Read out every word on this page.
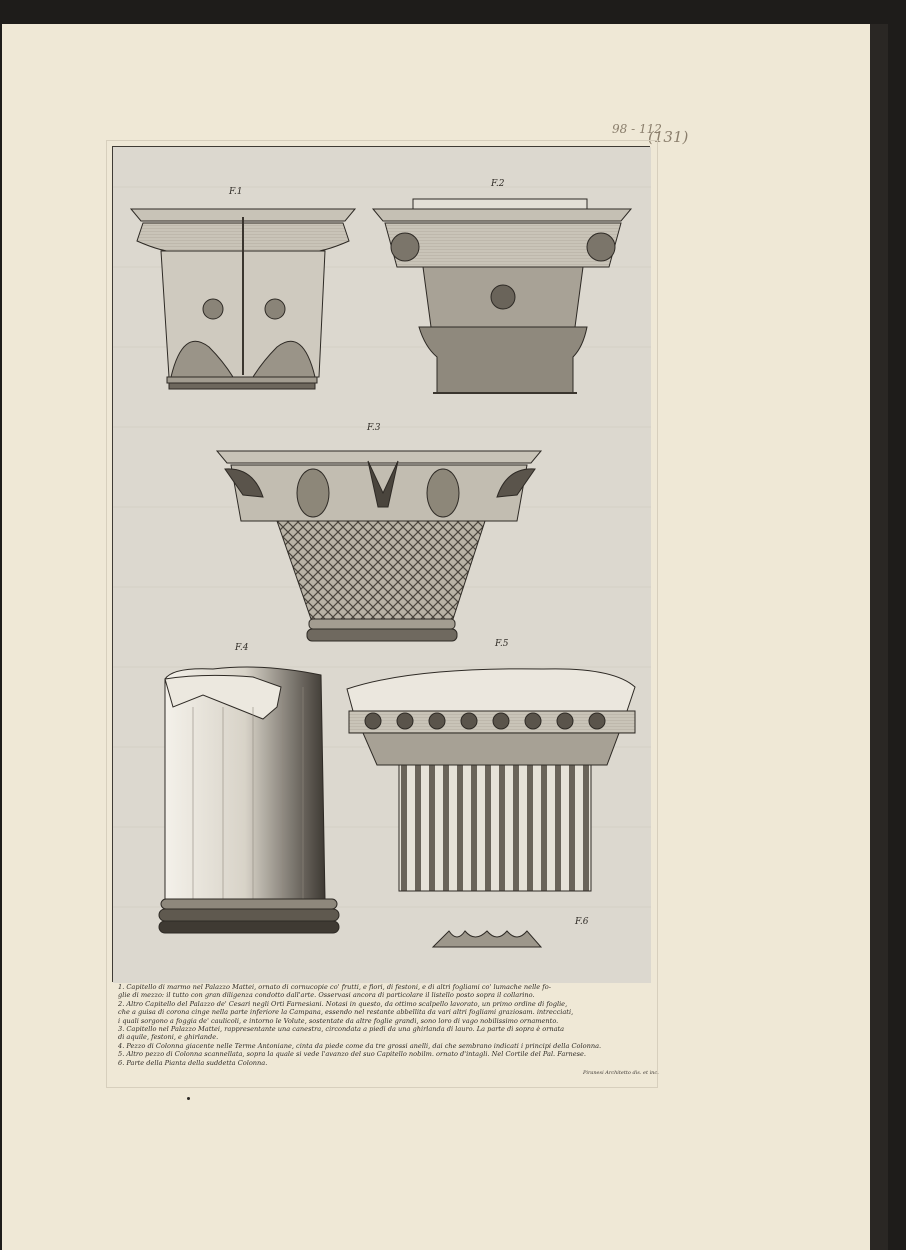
98 - 112
(131)
F.1
F.2
F.3
F.4	F.5
F.6

1. Capitello di marmo nel Palazzo Mattei, ornato di cornucopie co' frutti, e fiori, di festoni, e di altri fogliami co' lumache nelle fo-

glie di mezzo: il tutto con gran diligenza condotto dall'arte. Osservasi ancora di particolare il listello posto sopra il collarino.

2. Altro Capitello del Palazzo de' Cesari negli Orti Farnesiani. Notasi in questo, da ottimo scalpello lavorato, un primo ordine di foglie,

che a guisa di corona cinge nella parte inferiore la Campana, essendo nel restante abbellita da vari altri fogliami graziosam. intrecciati,

i quali sorgono a foggia de' caulicoli, e intorno le Volute, sostentate da altre foglie grandi, sono loro di vago nobilissimo ornamento.

3. Capitello nel Palazzo Mattei, rappresentante una canestra, circondata a piedi da una ghirlanda di lauro. La parte di sopra è ornata

di aquile, festoni, e ghirlande.

4. Pezzo di Colonna giacente nelle Terme Antoniane, cinta da piede come da tre grossi anelli, dai che sembrano indicati i principi della Colonna.

5. Altro pezzo di Colonna scannellata, sopra la quale si vede l'avanzo del suo Capitello nobilm. ornato d'intagli. Nel Cortile del Pal. Farnese.

6. Parte della Pianta della suddetta Colonna.

Piranesi Architetto dis. et inc.
